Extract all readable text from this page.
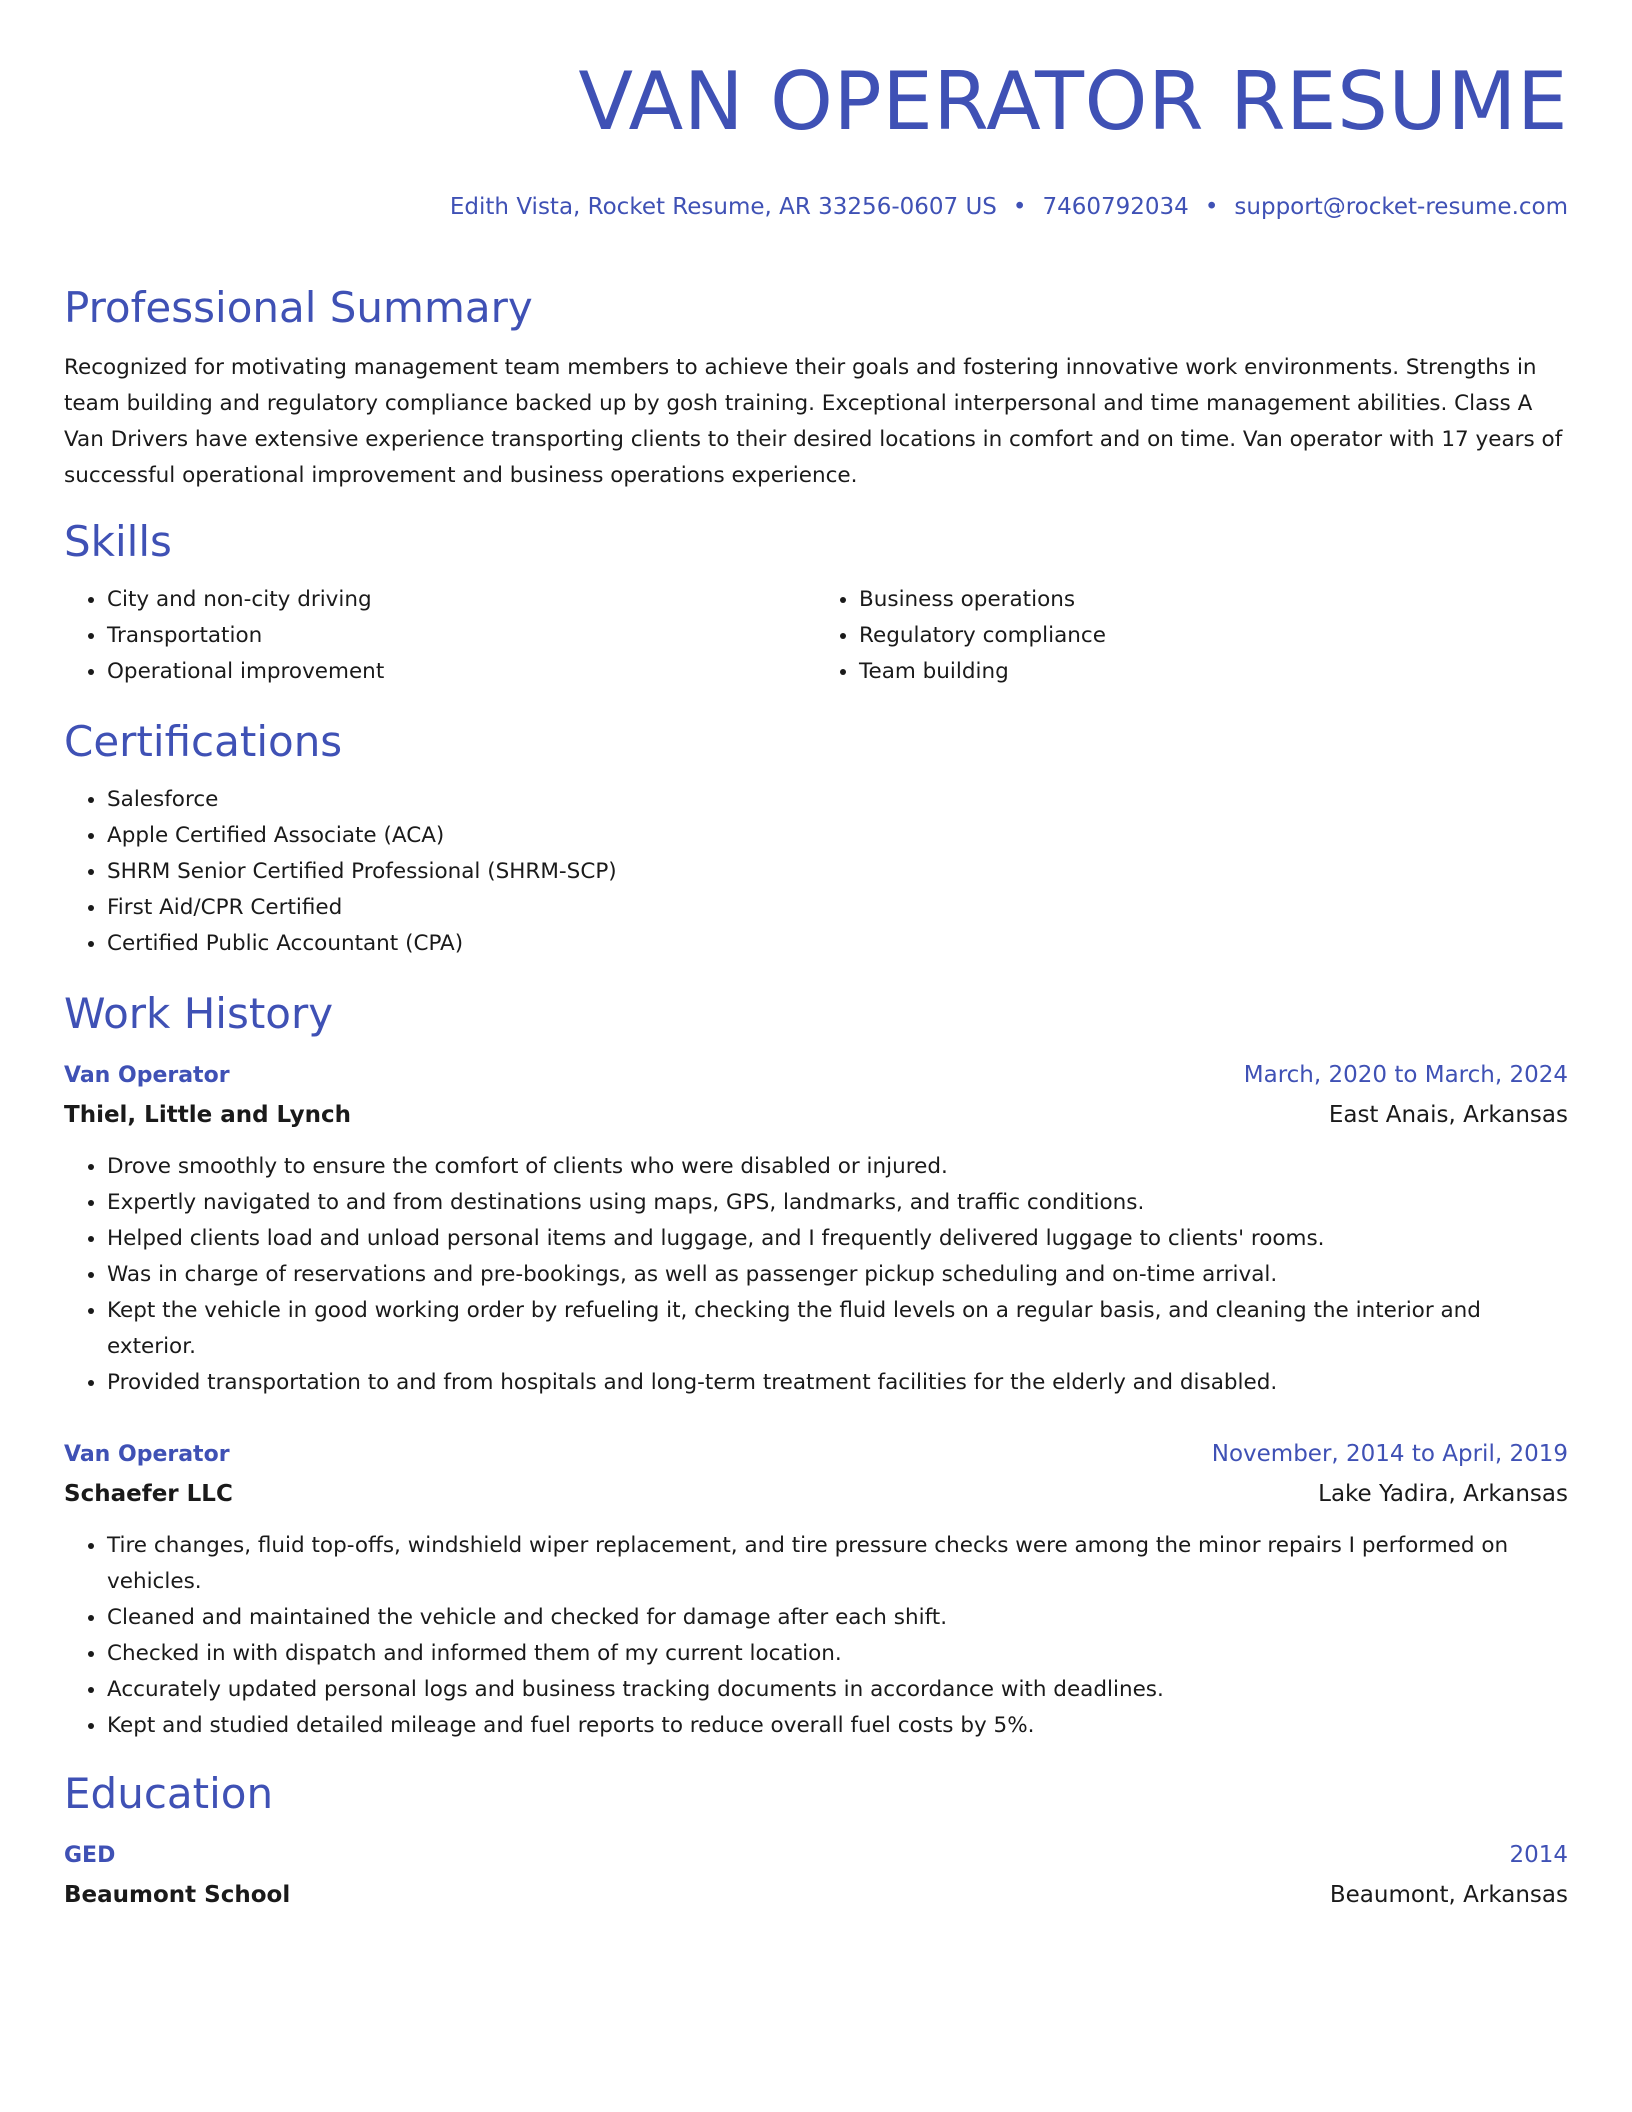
VAN OPERATOR RESUME
Edith Vista, Rocket Resume, AR 33256-0607 US • 7460792034 • support@rocket-resume.com
Professional Summary

Recognized for motivating management team members to achieve their goals and fostering innovative work environments. Strengths in team building and regulatory compliance backed up by gosh training. Exceptional interpersonal and time management abilities. Class A Van Drivers have extensive experience transporting clients to their desired locations in comfort and on time. Van operator with 17 years of successful operational improvement and business operations experience.

Skills
• City and non-city driving
• Transportation
• Operational improvement
• Business operations
• Regulatory compliance
• Team building
Certifications
• Salesforce
• Apple Certified Associate (ACA)
• SHRM Senior Certified Professional (SHRM-SCP)
• First Aid/CPR Certified
• Certified Public Accountant (CPA)
Work History
Van Operator	March, 2020 to March, 2024
Thiel, Little and Lynch	East Anais, Arkansas
• Drove smoothly to ensure the comfort of clients who were disabled or injured.
• Expertly navigated to and from destinations using maps, GPS, landmarks, and traffic conditions.
• Helped clients load and unload personal items and luggage, and I frequently delivered luggage to clients' rooms.
• Was in charge of reservations and pre-bookings, as well as passenger pickup scheduling and on-time arrival.
• Kept the vehicle in good working order by refueling it, checking the fluid levels on a regular basis, and cleaning the interior and exterior.
• Provided transportation to and from hospitals and long-term treatment facilities for the elderly and disabled.
Van Operator	November, 2014 to April, 2019
Schaefer LLC	Lake Yadira, Arkansas
• Tire changes, fluid top-offs, windshield wiper replacement, and tire pressure checks were among the minor repairs I performed on vehicles.
• Cleaned and maintained the vehicle and checked for damage after each shift.
• Checked in with dispatch and informed them of my current location.
• Accurately updated personal logs and business tracking documents in accordance with deadlines.
• Kept and studied detailed mileage and fuel reports to reduce overall fuel costs by 5%.
Education
GED	2014
Beaumont School	Beaumont, Arkansas
